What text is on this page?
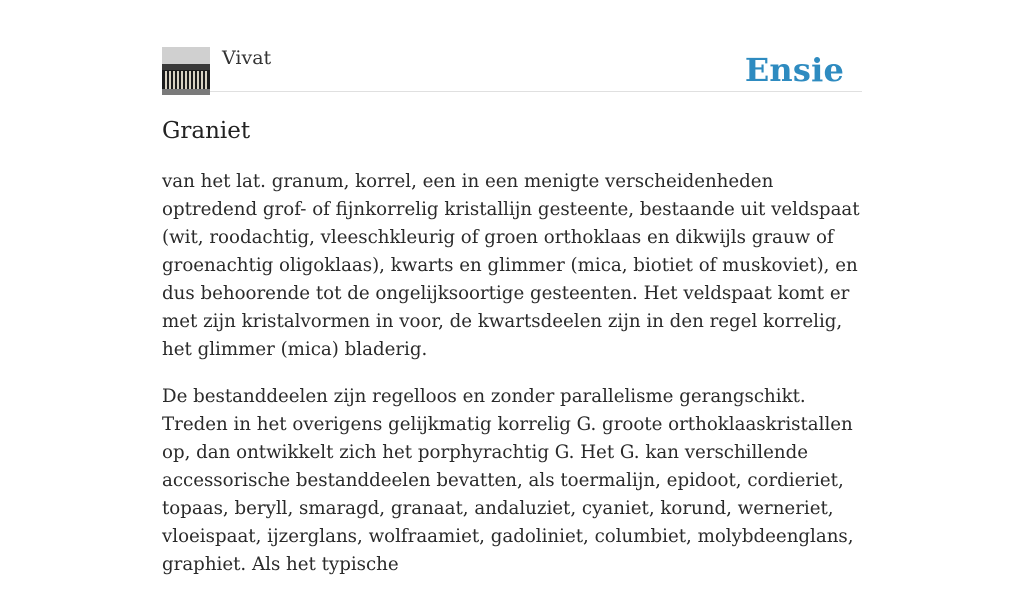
Vivat	Ensie
Graniet

van het lat. granum, korrel, een in een menigte verscheidenheden optredend grof- of fijnkorrelig kristallijn gesteente, bestaande uit veldspaat (wit, roodachtig, vleeschkleurig of groen orthoklaas en dikwijls grauw of groenachtig oligoklaas), kwarts en glimmer (mica, biotiet of muskoviet), en dus behoorende tot de ongelijksoortige gesteenten. Het veldspaat komt er met zijn kristalvormen in voor, de kwartsdeelen zijn in den regel korrelig, het glimmer (mica) bladerig.

De bestanddeelen zijn regelloos en zonder parallelisme gerangschikt. Treden in het overigens gelijkmatig korrelig G. groote orthoklaaskristallen op, dan ontwikkelt zich het porphyrachtig G. Het G. kan verschillende accessorische bestanddeelen bevatten, als toermalijn, epidoot, cordieriet, topaas, beryll, smaragd, granaat, andaluziet, cyaniet, korund, werneriet, vloeispaat, ijzerglans, wolfraamiet, gadoliniet, columbiet, molybdeenglans, graphiet. Als het typische
